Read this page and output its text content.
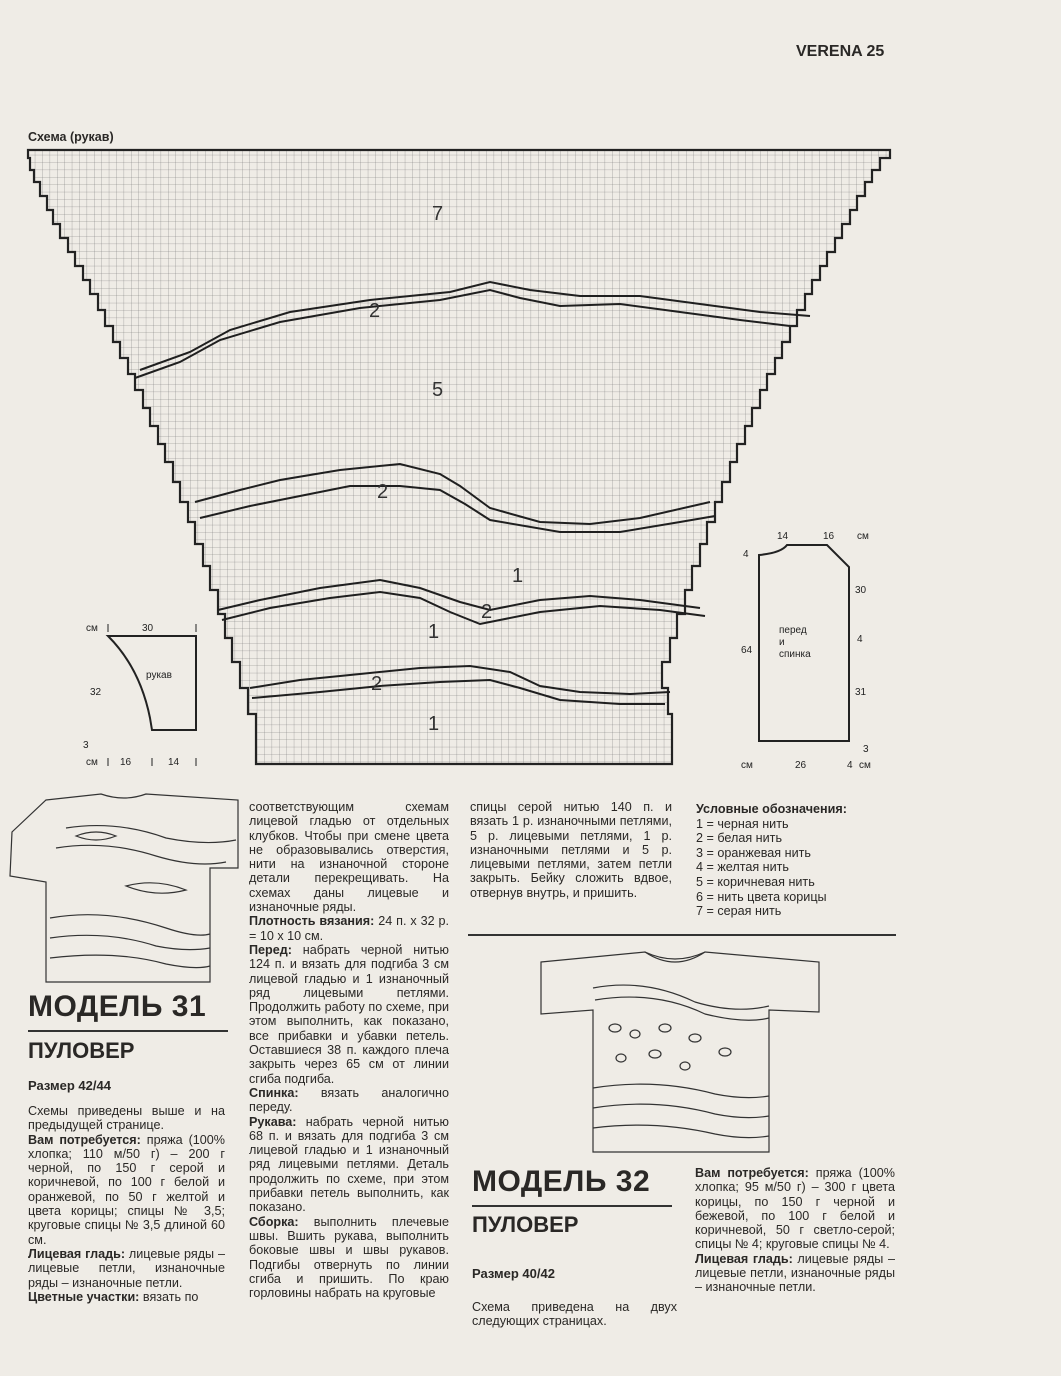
VERENA 25
Схема (рукав)
7
2
5
2
1
2
1
2
1
см	30
рукав
32
3
см 16	14
14	16 см
4
30
перед и спинка
4
64
31
3
см	26	4 см
МОДЕЛЬ 31
ПУЛОВЕР
Размер 42/44

Схемы приведены выше и на предыдущей странице.

Вам потребуется: пряжа (100% хлопка; 110 м/50 г) – 200 г черной, по 150 г серой и коричневой, по 100 г белой и оранжевой, по 50 г желтой и цвета корицы; спицы № 3,5; круговые спицы № 3,5 длиной 60 см.

Лицевая гладь: лицевые ряды – лицевые петли, изнаночные ряды – изнаночные петли.

Цветные участки: вязать по

соответствующим схемам лицевой гладью от отдельных клубков. Чтобы при смене цвета не образовывались отверстия, нити на изнаночной стороне детали перекрещивать. На схемах даны лицевые и изнаночные ряды.

Плотность вязания: 24 п. х 32 р. = 10 х 10 см.

Перед: набрать черной нитью 124 п. и вязать для подгиба 3 см лицевой гладью и 1 изнаночный ряд лицевыми петлями. Продолжить работу по схеме, при этом выполнить, как показано, все прибавки и убавки петель. Оставшиеся 38 п. каждого плеча закрыть через 65 см от линии сгиба подгиба.

Спинка: вязать аналогично переду.

Рукава: набрать черной нитью 68 п. и вязать для подгиба 3 см лицевой гладью и 1 изнаночный ряд лицевыми петлями. Деталь продолжить по схеме, при этом прибавки петель выполнить, как показано.

Сборка: выполнить плечевые швы. Вшить рукава, выполнить боковые швы и швы рукавов. Подгибы отвернуть по линии сгиба и пришить. По краю горловины набрать на круговые

спицы серой нитью 140 п. и вязать 1 р. изнаночными петлями, 5 р. лицевыми петлями, 1 р. изнаночными петлями и 5 р. лицевыми петлями, затем петли закрыть. Бейку сложить вдвое, отвернув внутрь, и пришить.

Условные обозначения:

1 = черная нить

2 = белая нить

3 = оранжевая нить

4 = желтая нить

5 = коричневая нить

6 = нить цвета корицы

7 = серая нить

МОДЕЛЬ 32
ПУЛОВЕР
Размер 40/42
Схема приведена на двух следующих страницах.

Вам потребуется: пряжа (100% хлопка; 95 м/50 г) – 300 г цвета корицы, по 150 г черной и бежевой, по 100 г белой и коричневой, 50 г светло-серой; спицы № 4; круговые спицы № 4.

Лицевая гладь: лицевые ряды – лицевые петли, изнаночные ряды – изнаночные петли.
